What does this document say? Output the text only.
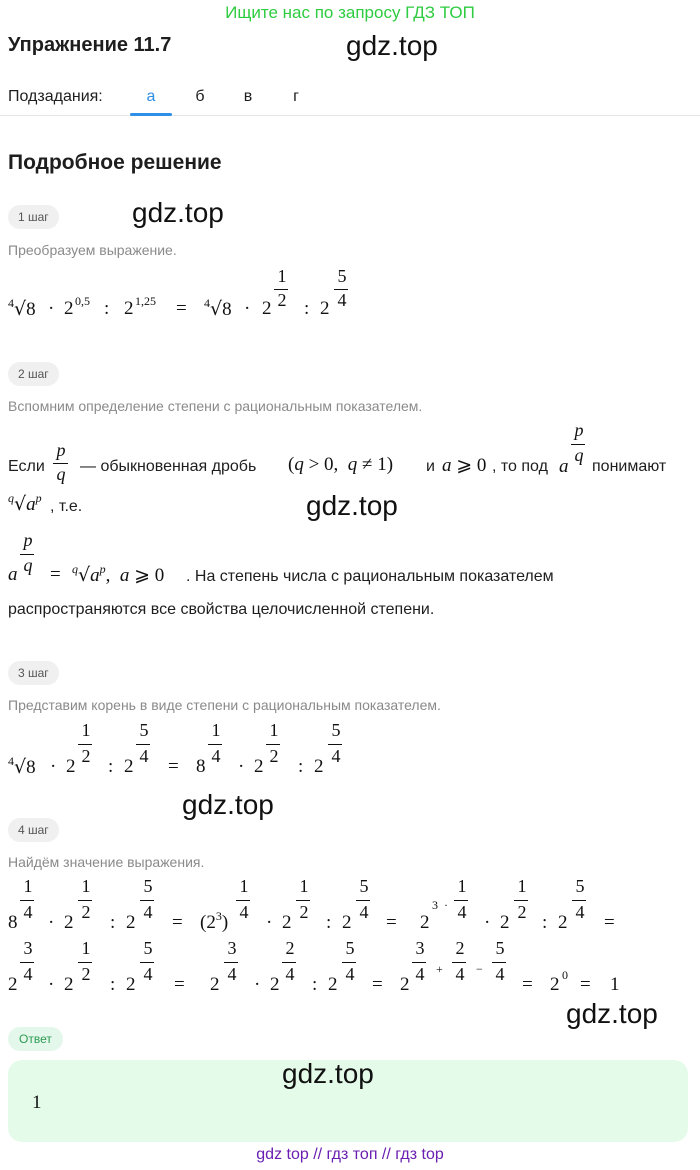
Ищите нас по запросу ГДЗ ТОП
Упражнение 11.7	gdz.top
Подзадания:	а	б	в	г
Подробное решение
1 шаг	gdz.top
Преобразуем выражение.
$^4$√8 · 2 0,5 : 2 1,25 = $^4$√8 · 2
1
2 : 2
5
4
2 шаг
Вспомним определение степени с рациональным показателем.
Если
p
q — обыкновенная дробь (q > 0,  q ≠ 1) и a ⩾ 0 , то под a
p
q
понимают
$^q√a^p$ , т.е.	gdz.top
a
p
$q = ^q√a^p$,  a ⩾ 0 . На степень числа с рациональным показателем
распространяются все свойства целочисленной степени.
3 шаг
Представим корень в виде степени с рациональным показателем.
$^4$√8 · 2
1
2 : 2
5
4 = 8
1
4 · 2
1
2 : 2
5
4
gdz.top
4 шаг
Найдём значение выражения.
8
1
4 · 2
1
2 : 2
5
$4 = (2^3)$
1
4 · 2
1
2 : 2
5
4 = 2
3 ·
1
4 · 2
1
2 : 2
5
4 =
2
3
4 · 2
1
2 : 2
5
4 = 2
3
4 · 2
2
4 : 2
5
4 = 2
3
4 +
2
4 −
5
4 = 2 0 = 1
gdz.top
Ответ
1
gdz.top
gdz top // гдз топ // гдз top
